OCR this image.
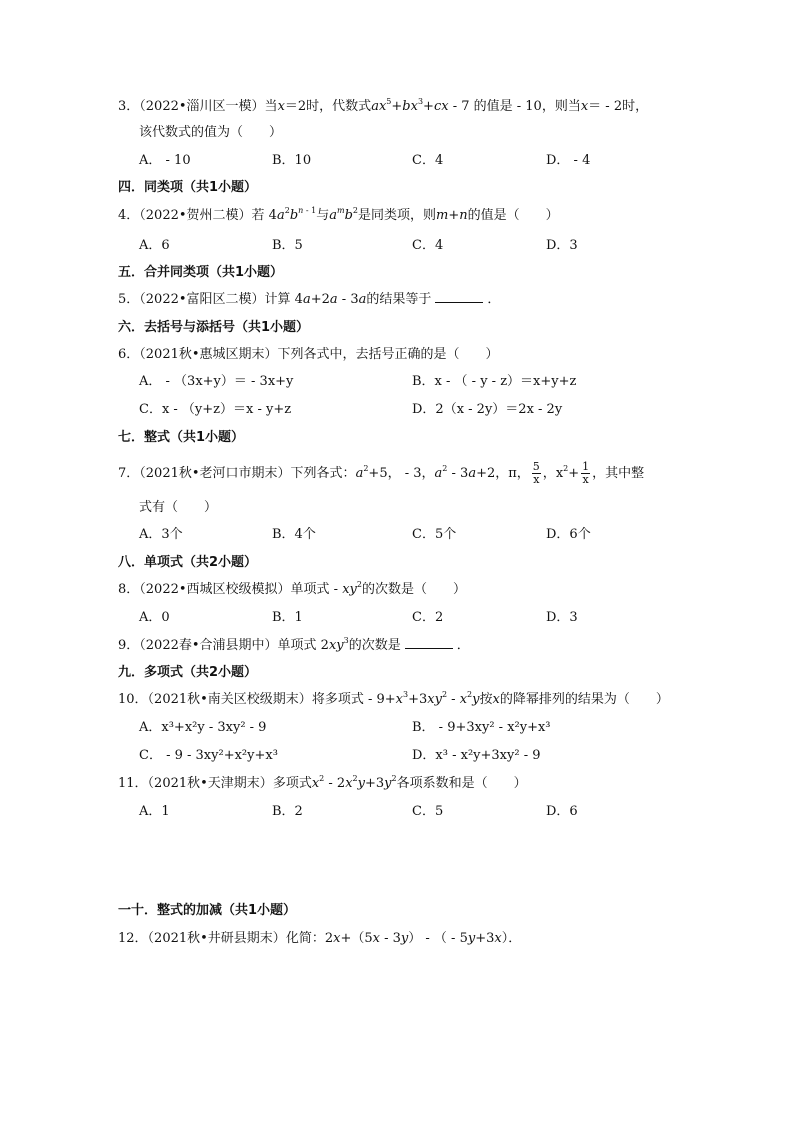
3．（2022•淄川区一模）当x＝2时，代数式$ax^5+bx^3+cx - 7$ 的值是 - 10，则当x＝ - 2时，
该代数式的值为（　　）
A． - 10	B．10	C．4	D． - 4
四．同类项（共1小题）
4．（2022•贺州二模）若 $4a^2b^{n - 1}$与$a^mb^2$是同类项，则m+n的值是（　　）
A．6	B．5	C．4	D．3
五．合并同类项（共1小题）
5．（2022•富阳区二模）计算 4a+2a - 3a的结果等于	．
六．去括号与添括号（共1小题）
6．（2021秋•惠城区期末）下列各式中，去括号正确的是（　　）
A． - （3x+y）＝ - 3x+y	B．x - （ - y - z）＝x+y+z
C．x - （y+z）＝x - y+z	D．2（x - 2y）＝2x - 2y
七．整式（共1小题）
7．（2021秋•老河口市期末）下列各式：$a^2+5$， - 3，$a^2 - 3a+2$，π， $\frac{5}{x}$ ，$x^2+ \frac{1}{x}$ ，其中整
式有（　　）
A．3个	B．4个	C．5个	D．6个
八．单项式（共2小题）
8．（2022•西城区校级模拟）单项式 - $xy^2$的次数是（　　）
A．0	B．1	C．2	D．3
9．（2022春•合浦县期中）单项式 $2xy^3$的次数是	．
九．多项式（共2小题）
10．（2021秋•南关区校级期末）将多项式 - $9+x^3+3xy^2 - x^2y$按x的降幂排列的结果为（　　）
A．x³+x²y - 3xy² - 9	B． - 9+3xy² - x²y+x³
C． - 9 - 3xy²+x²y+x³	D．x³ - x²y+3xy² - 9
11．（2021秋•天津期末）多项式$x^2 - 2x^2y+3y^2$各项系数和是（　　）
A．1	B．2	C．5	D．6
一十．整式的加减（共1小题）
12．（2021秋•井研县期末）化简：2x+（5x - 3y） - （ - 5y+3x）．
